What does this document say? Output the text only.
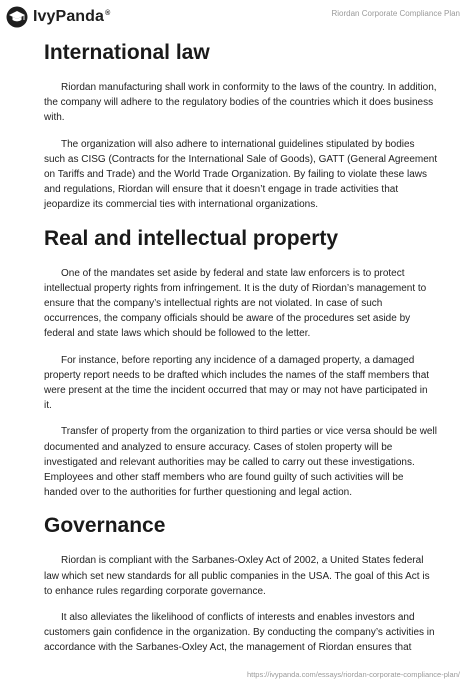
IvyPanda®	Riordan Corporate Compliance Plan
International law

Riordan manufacturing shall work in conformity to the laws of the country. In addition, the company will adhere to the regulatory bodies of the countries which it does business with.

The organization will also adhere to international guidelines stipulated by bodies such as CISG (Contracts for the International Sale of Goods), GATT (General Agreement on Tariffs and Trade) and the World Trade Organization. By failing to violate these laws and regulations, Riordan will ensure that it doesn’t engage in trade activities that jeopardize its commercial ties with international organizations.

Real and intellectual property

One of the mandates set aside by federal and state law enforcers is to protect intellectual property rights from infringement. It is the duty of Riordan’s management to ensure that the company’s intellectual rights are not violated. In case of such occurrences, the company officials should be aware of the procedures set aside by federal and state laws which should be followed to the letter.

For instance, before reporting any incidence of a damaged property, a damaged property report needs to be drafted which includes the names of the staff members that were present at the time the incident occurred that may or may not have participated in it.

Transfer of property from the organization to third parties or vice versa should be well documented and analyzed to ensure accuracy. Cases of stolen property will be investigated and relevant authorities may be called to carry out these investigations. Employees and other staff members who are found guilty of such activities will be handed over to the authorities for further questioning and legal action.

Governance

Riordan is compliant with the Sarbanes-Oxley Act of 2002, a United States federal law which set new standards for all public companies in the USA. The goal of this Act is to enhance rules regarding corporate governance.

It also alleviates the likelihood of conflicts of interests and enables investors and customers gain confidence in the organization. By conducting the company’s activities in accordance with the Sarbanes-Oxley Act, the management of Riordan ensures that

https://ivypanda.com/essays/riordan-corporate-compliance-plan/
